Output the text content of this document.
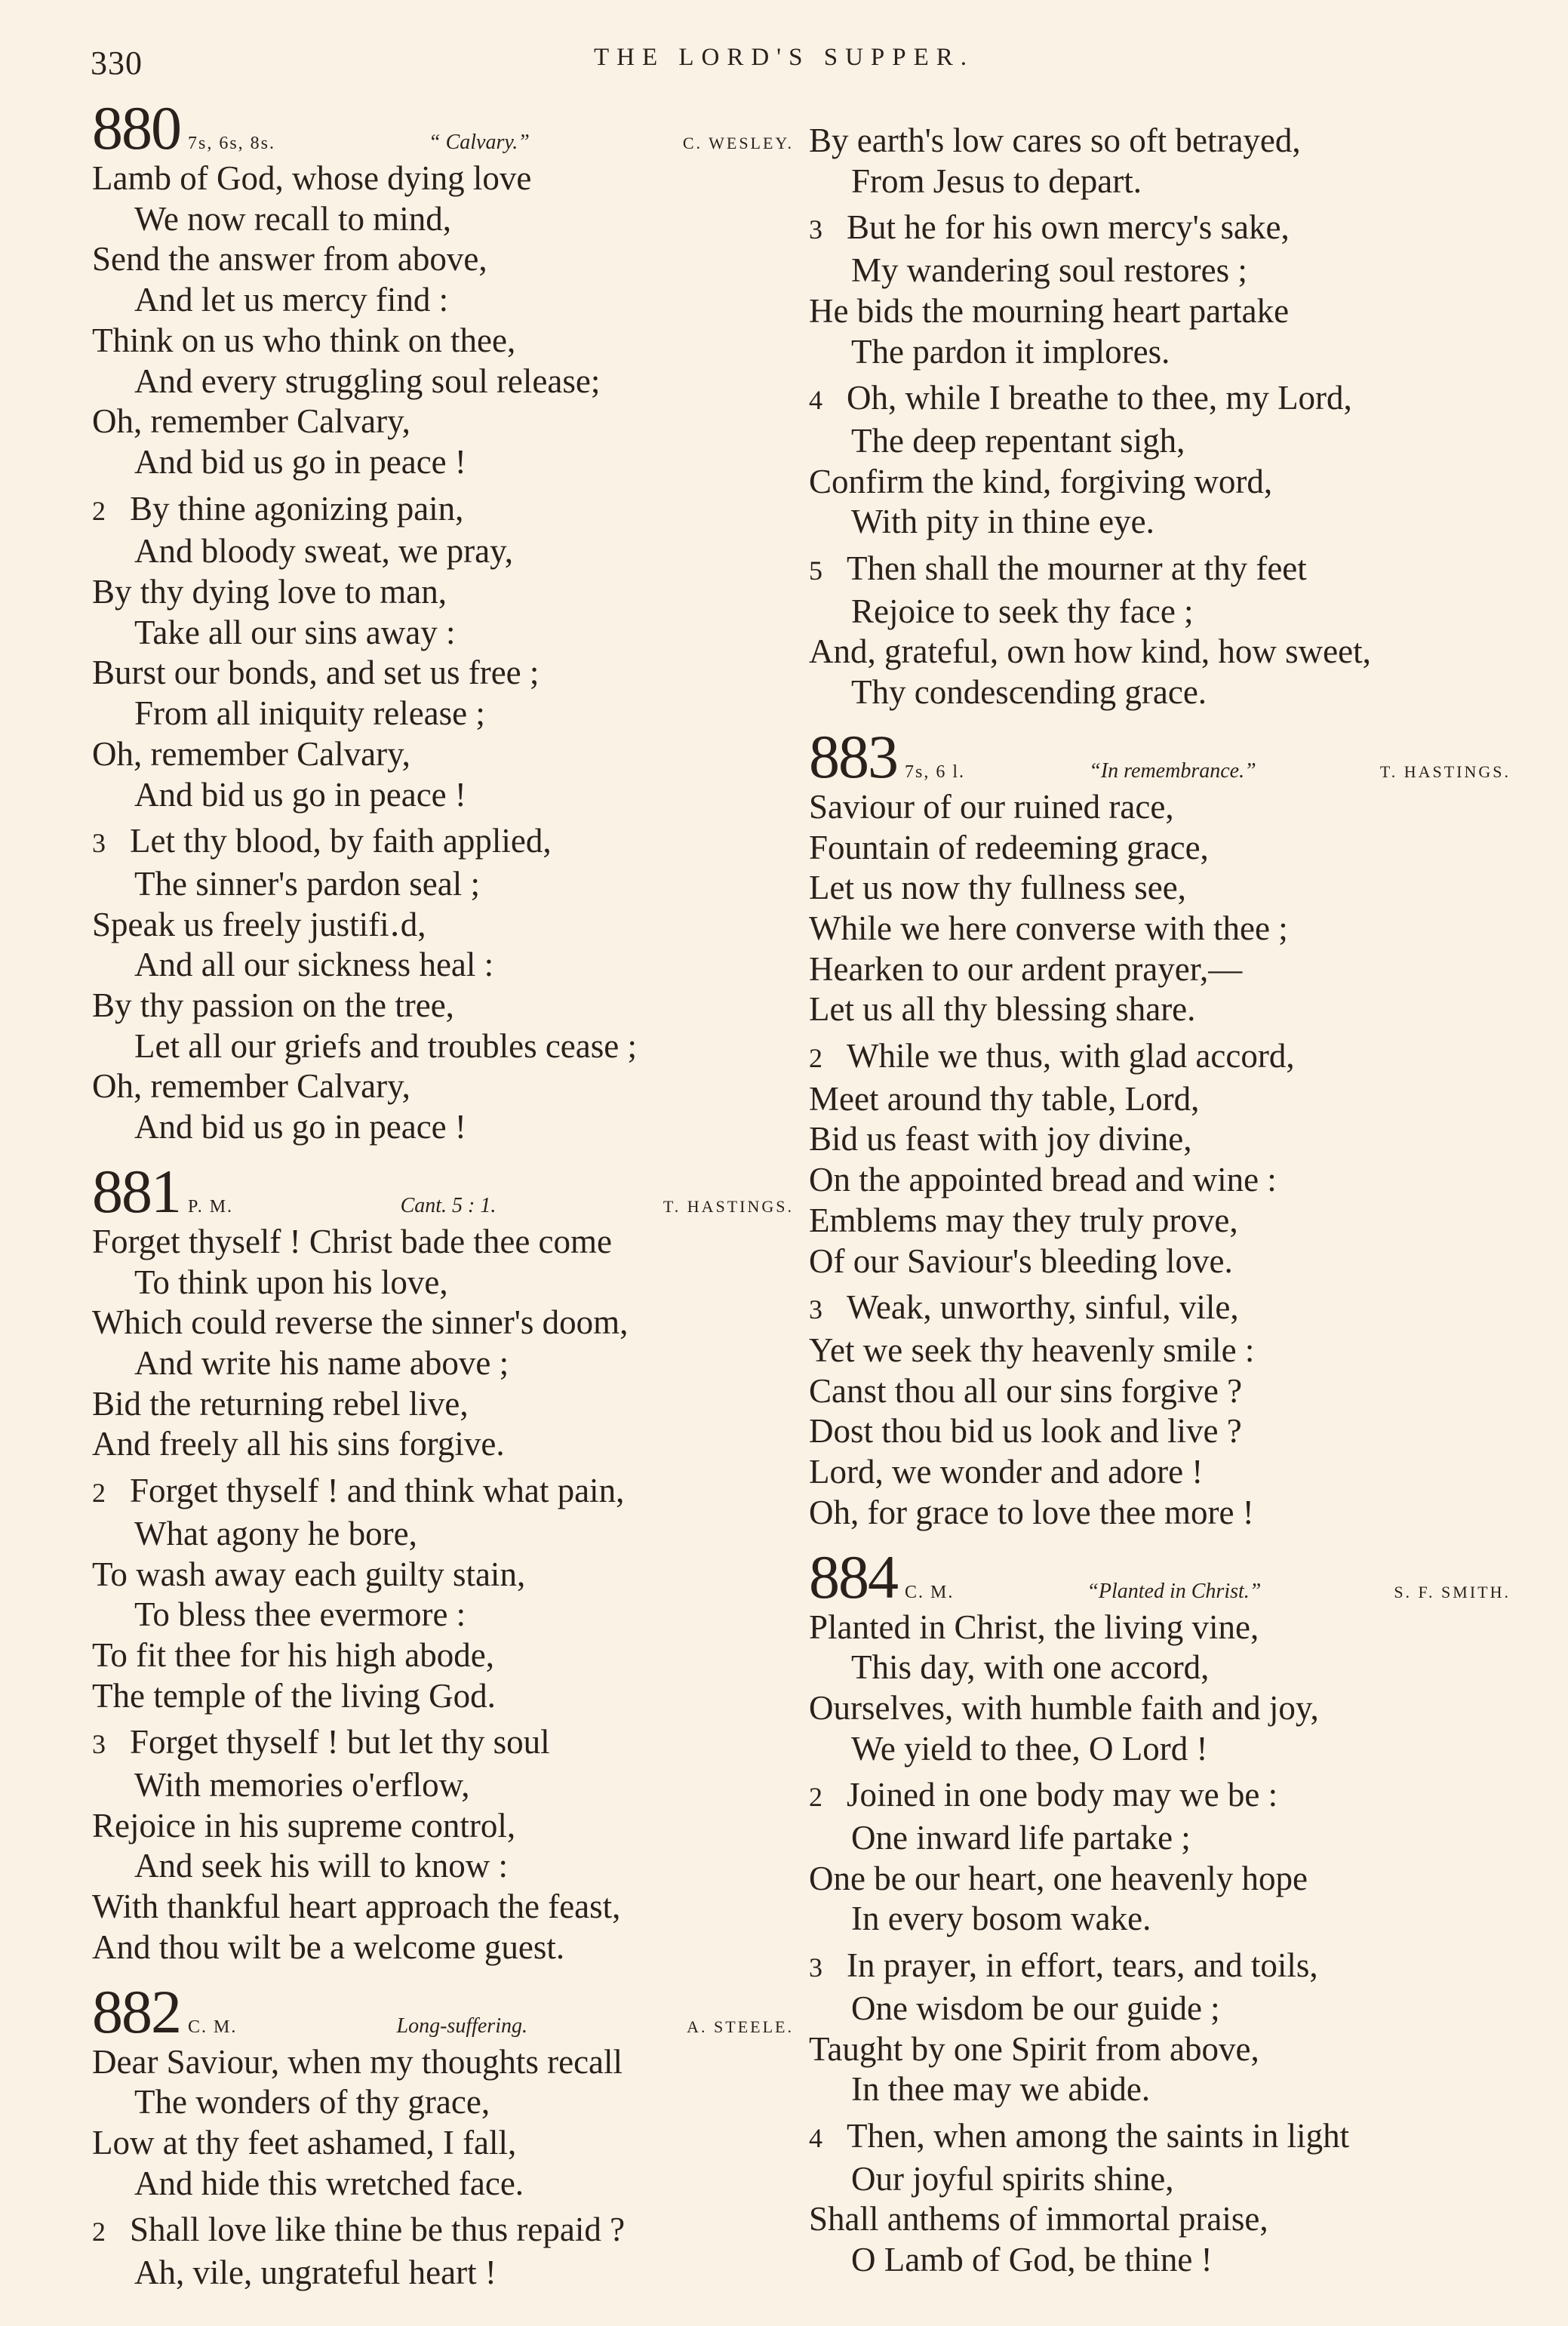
330	THE LORD'S SUPPER.
880 7s, 6s, 8s.	“ Calvary.”	C. WESLEY.
Lamb of God, whose dying love
We now recall to mind,
Send the answer from above,
And let us mercy find :
Think on us who think on thee,
And every struggling soul release;
Oh, remember Calvary,
And bid us go in peace !
2 By thine agonizing pain,
And bloody sweat, we pray,
By thy dying love to man,
Take all our sins away :
Burst our bonds, and set us free ;
From all iniquity release ;
Oh, remember Calvary,
And bid us go in peace !
3 Let thy blood, by faith applied,
The sinner's pardon seal ;
Speak us freely justifi․d,
And all our sickness heal :
By thy passion on the tree,
Let all our griefs and troubles cease ;
Oh, remember Calvary,
And bid us go in peace !
881 P. M.	Cant. 5 : 1.	T. HASTINGS.
Forget thyself ! Christ bade thee come
To think upon his love,
Which could reverse the sinner's doom,
And write his name above ;
Bid the returning rebel live,
And freely all his sins forgive.
2 Forget thyself ! and think what pain,
What agony he bore,
To wash away each guilty stain,
To bless thee evermore :
To fit thee for his high abode,
The temple of the living God.
3 Forget thyself ! but let thy soul
With memories o'erflow,
Rejoice in his supreme control,
And seek his will to know :
With thankful heart approach the feast,
And thou wilt be a welcome guest.
882 C. M.	Long-suffering.	A. STEELE.
Dear Saviour, when my thoughts recall
The wonders of thy grace,
Low at thy feet ashamed, I fall,
And hide this wretched face.
2 Shall love like thine be thus repaid ?
Ah, vile, ungrateful heart !
By earth's low cares so oft betrayed,
From Jesus to depart.
3 But he for his own mercy's sake,
My wandering soul restores ;
He bids the mourning heart partake
The pardon it implores.
4 Oh, while I breathe to thee, my Lord,
The deep repentant sigh,
Confirm the kind, forgiving word,
With pity in thine eye.
5 Then shall the mourner at thy feet
Rejoice to seek thy face ;
And, grateful, own how kind, how sweet,
Thy condescending grace.
883 7s, 6 l.	“In remembrance.”	T. HASTINGS.
Saviour of our ruined race,
Fountain of redeeming grace,
Let us now thy fullness see,
While we here converse with thee ;
Hearken to our ardent prayer,—
Let us all thy blessing share.
2 While we thus, with glad accord,
Meet around thy table, Lord,
Bid us feast with joy divine,
On the appointed bread and wine :
Emblems may they truly prove,
Of our Saviour's bleeding love.
3 Weak, unworthy, sinful, vile,
Yet we seek thy heavenly smile :
Canst thou all our sins forgive ?
Dost thou bid us look and live ?
Lord, we wonder and adore !
Oh, for grace to love thee more !
884 C. M.	“Planted in Christ.”	S. F. SMITH.
Planted in Christ, the living vine,
This day, with one accord,
Ourselves, with humble faith and joy,
We yield to thee, O Lord !
2 Joined in one body may we be :
One inward life partake ;
One be our heart, one heavenly hope
In every bosom wake.
3 In prayer, in effort, tears, and toils,
One wisdom be our guide ;
Taught by one Spirit from above,
In thee may we abide.
4 Then, when among the saints in light
Our joyful spirits shine,
Shall anthems of immortal praise,
O Lamb of God, be thine !
